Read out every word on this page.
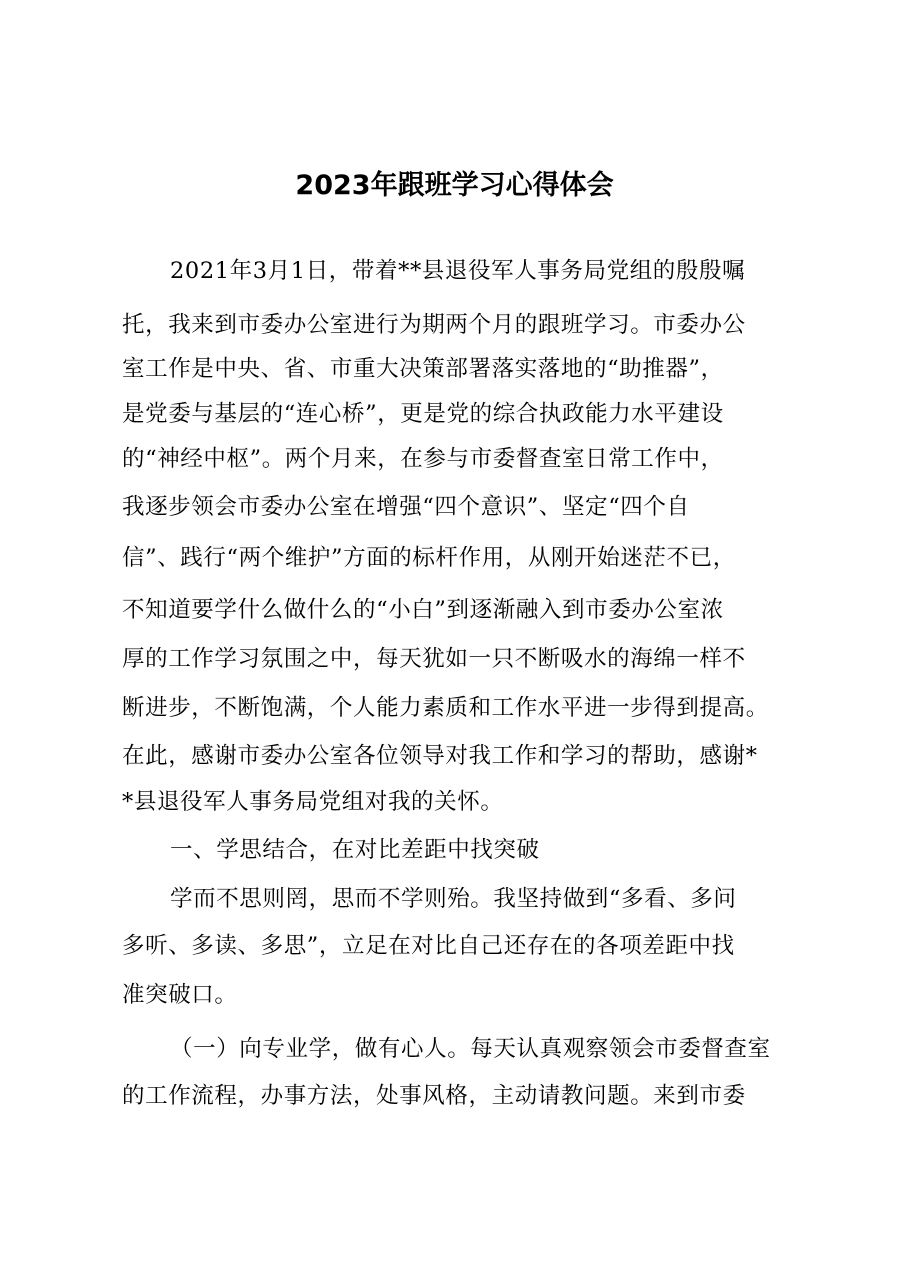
2023年跟班学习心得体会
2021年3月1日，带着**县退役军人事务局党组的殷殷嘱
托，我来到市委办公室进行为期两个月的跟班学习。市委办公
室工作是中央、省、市重大决策部署落实落地的“助推器”，
是党委与基层的“连心桥”，更是党的综合执政能力水平建设
的“神经中枢”。两个月来，在参与市委督查室日常工作中，
我逐步领会市委办公室在增强“四个意识”、坚定“四个自
信”、践行“两个维护”方面的标杆作用，从刚开始迷茫不已，
不知道要学什么做什么的“小白”到逐渐融入到市委办公室浓
厚的工作学习氛围之中，每天犹如一只不断吸水的海绵一样不
断进步，不断饱满，个人能力素质和工作水平进一步得到提高。
在此，感谢市委办公室各位领导对我工作和学习的帮助，感谢*
*县退役军人事务局党组对我的关怀。
一、学思结合，在对比差距中找突破
学而不思则罔，思而不学则殆。我坚持做到“多看、多问
多听、多读、多思”，立足在对比自己还存在的各项差距中找
准突破口。
（一）向专业学，做有心人。每天认真观察领会市委督查室
的工作流程，办事方法，处事风格，主动请教问题。来到市委
